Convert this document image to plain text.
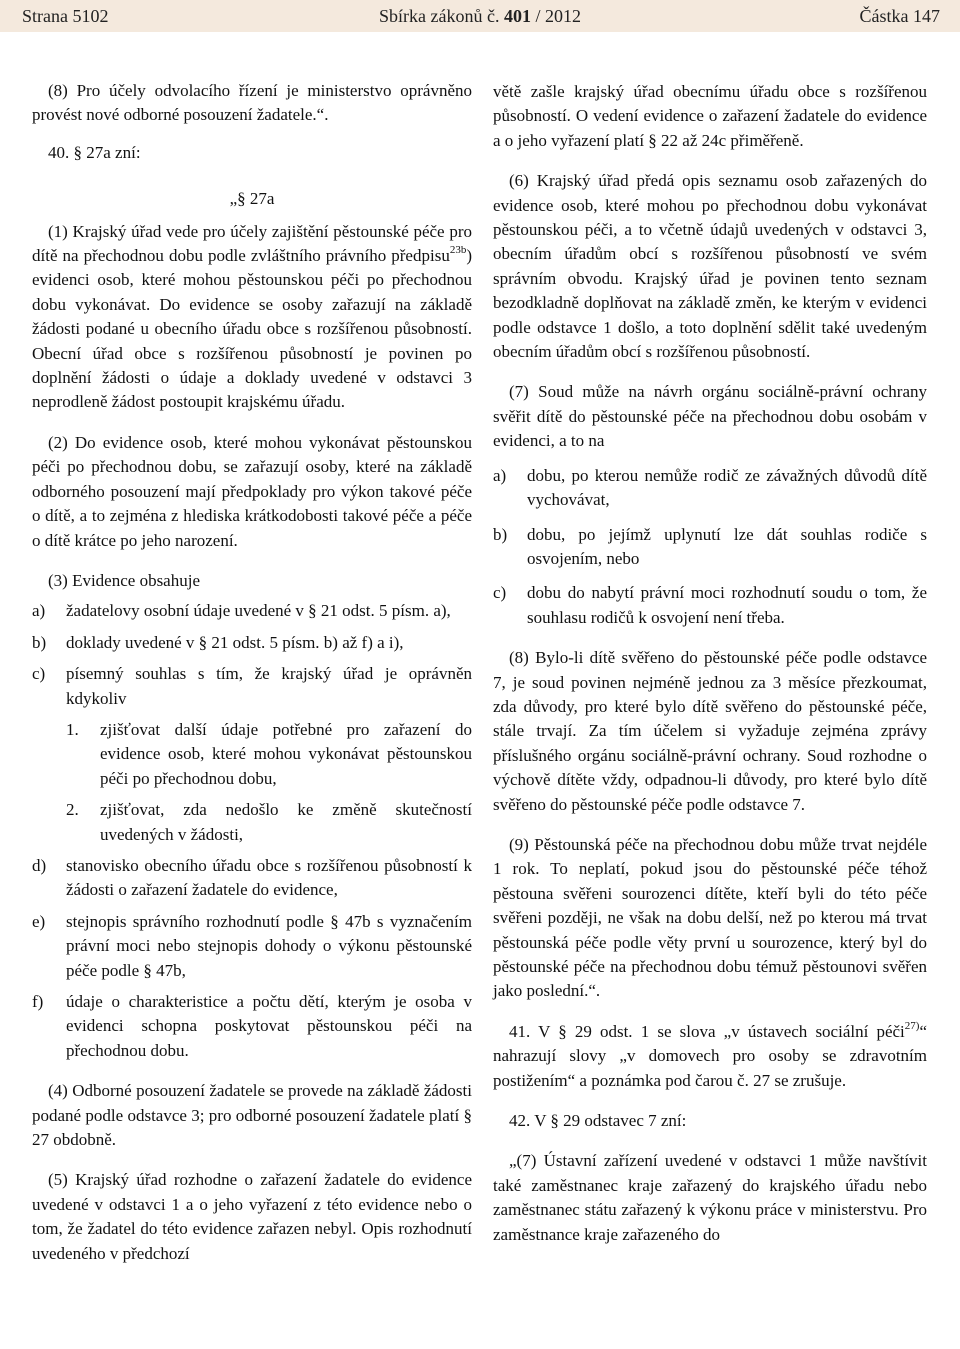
Strana 5102	Sbírka zákonů č. 401 / 2012	Částka 147

(8) Pro účely odvolacího řízení je ministerstvo oprávněno provést nové odborné posouzení žadatele.“.

40. § 27a zní:

„§ 27a

(1) Krajský úřad vede pro účely zajištění pěstounské péče pro dítě na přechodnou dobu podle zvláštního právního předpisu$^{23b}$) evidenci osob, které mohou pěstounskou péči po přechodnou dobu vykonávat. Do evidence se osoby zařazují na základě žádosti podané u obecního úřadu obce s rozšířenou působností. Obecní úřad obce s rozšířenou působností je povinen po doplnění žádosti o údaje a doklady uvedené v odstavci 3 neprodleně žádost postoupit krajskému úřadu.

(2) Do evidence osob, které mohou vykonávat pěstounskou péči po přechodnou dobu, se zařazují osoby, které na základě odborného posouzení mají předpoklady pro výkon takové péče o dítě, a to zejména z hlediska krátkodobosti takové péče a péče o dítě krátce po jeho narození.

(3) Evidence obsahuje

a) žadatelovy osobní údaje uvedené v § 21 odst. 5 písm. a),
b) doklady uvedené v § 21 odst. 5 písm. b) až f) a i),
c) písemný souhlas s tím, že krajský úřad je oprávněn kdykoliv
1. zjišťovat další údaje potřebné pro zařazení do evidence osob, které mohou vykonávat pěstounskou péči po přechodnou dobu,
2. zjišťovat, zda nedošlo ke změně skutečností uvedených v žádosti,
d) stanovisko obecního úřadu obce s rozšířenou působností k žádosti o zařazení žadatele do evidence,
e) stejnopis správního rozhodnutí podle § 47b s vyznačením právní moci nebo stejnopis dohody o výkonu pěstounské péče podle § 47b,
f) údaje o charakteristice a počtu dětí, kterým je osoba v evidenci schopna poskytovat pěstounskou péči na přechodnou dobu.

(4) Odborné posouzení žadatele se provede na základě žádosti podané podle odstavce 3; pro odborné posouzení žadatele platí § 27 obdobně.

(5) Krajský úřad rozhodne o zařazení žadatele do evidence uvedené v odstavci 1 a o jeho vyřazení z této evidence nebo o tom, že žadatel do této evidence zařazen nebyl. Opis rozhodnutí uvedeného v předchozí

větě zašle krajský úřad obecnímu úřadu obce s rozšířenou působností. O vedení evidence o zařazení žadatele do evidence a o jeho vyřazení platí § 22 až 24c přiměřeně.

(6) Krajský úřad předá opis seznamu osob zařazených do evidence osob, které mohou po přechodnou dobu vykonávat pěstounskou péči, a to včetně údajů uvedených v odstavci 3, obecním úřadům obcí s rozšířenou působností ve svém správním obvodu. Krajský úřad je povinen tento seznam bezodkladně doplňovat na základě změn, ke kterým v evidenci podle odstavce 1 došlo, a toto doplnění sdělit také uvedeným obecním úřadům obcí s rozšířenou působností.

(7) Soud může na návrh orgánu sociálně-právní ochrany svěřit dítě do pěstounské péče na přechodnou dobu osobám v evidenci, a to na

a) dobu, po kterou nemůže rodič ze závažných důvodů dítě vychovávat,
b) dobu, po jejímž uplynutí lze dát souhlas rodiče s osvojením, nebo
c) dobu do nabytí právní moci rozhodnutí soudu o tom, že souhlasu rodičů k osvojení není třeba.

(8) Bylo-li dítě svěřeno do pěstounské péče podle odstavce 7, je soud povinen nejméně jednou za 3 měsíce přezkoumat, zda důvody, pro které bylo dítě svěřeno do pěstounské péče, stále trvají. Za tím účelem si vyžaduje zejména zprávy příslušného orgánu sociálně-právní ochrany. Soud rozhodne o výchově dítěte vždy, odpadnou-li důvody, pro které bylo dítě svěřeno do pěstounské péče podle odstavce 7.

(9) Pěstounská péče na přechodnou dobu může trvat nejdéle 1 rok. To neplatí, pokud jsou do pěstounské péče téhož pěstouna svěřeni sourozenci dítěte, kteří byli do této péče svěřeni později, ne však na dobu delší, než po kterou má trvat pěstounská péče podle věty první u sourozence, který byl do pěstounské péče na přechodnou dobu témuž pěstounovi svěřen jako poslední.“.

41. V § 29 odst. 1 se slova „v ústavech sociální péči$^{27)}$“ nahrazují slovy „v domovech pro osoby se zdravotním postižením“ a poznámka pod čarou č. 27 se zrušuje.

42. V § 29 odstavec 7 zní:

„(7) Ústavní zařízení uvedené v odstavci 1 může navštívit také zaměstnanec kraje zařazený do krajského úřadu nebo zaměstnanec státu zařazený k výkonu práce v ministerstvu. Pro zaměstnance kraje zařazeného do
